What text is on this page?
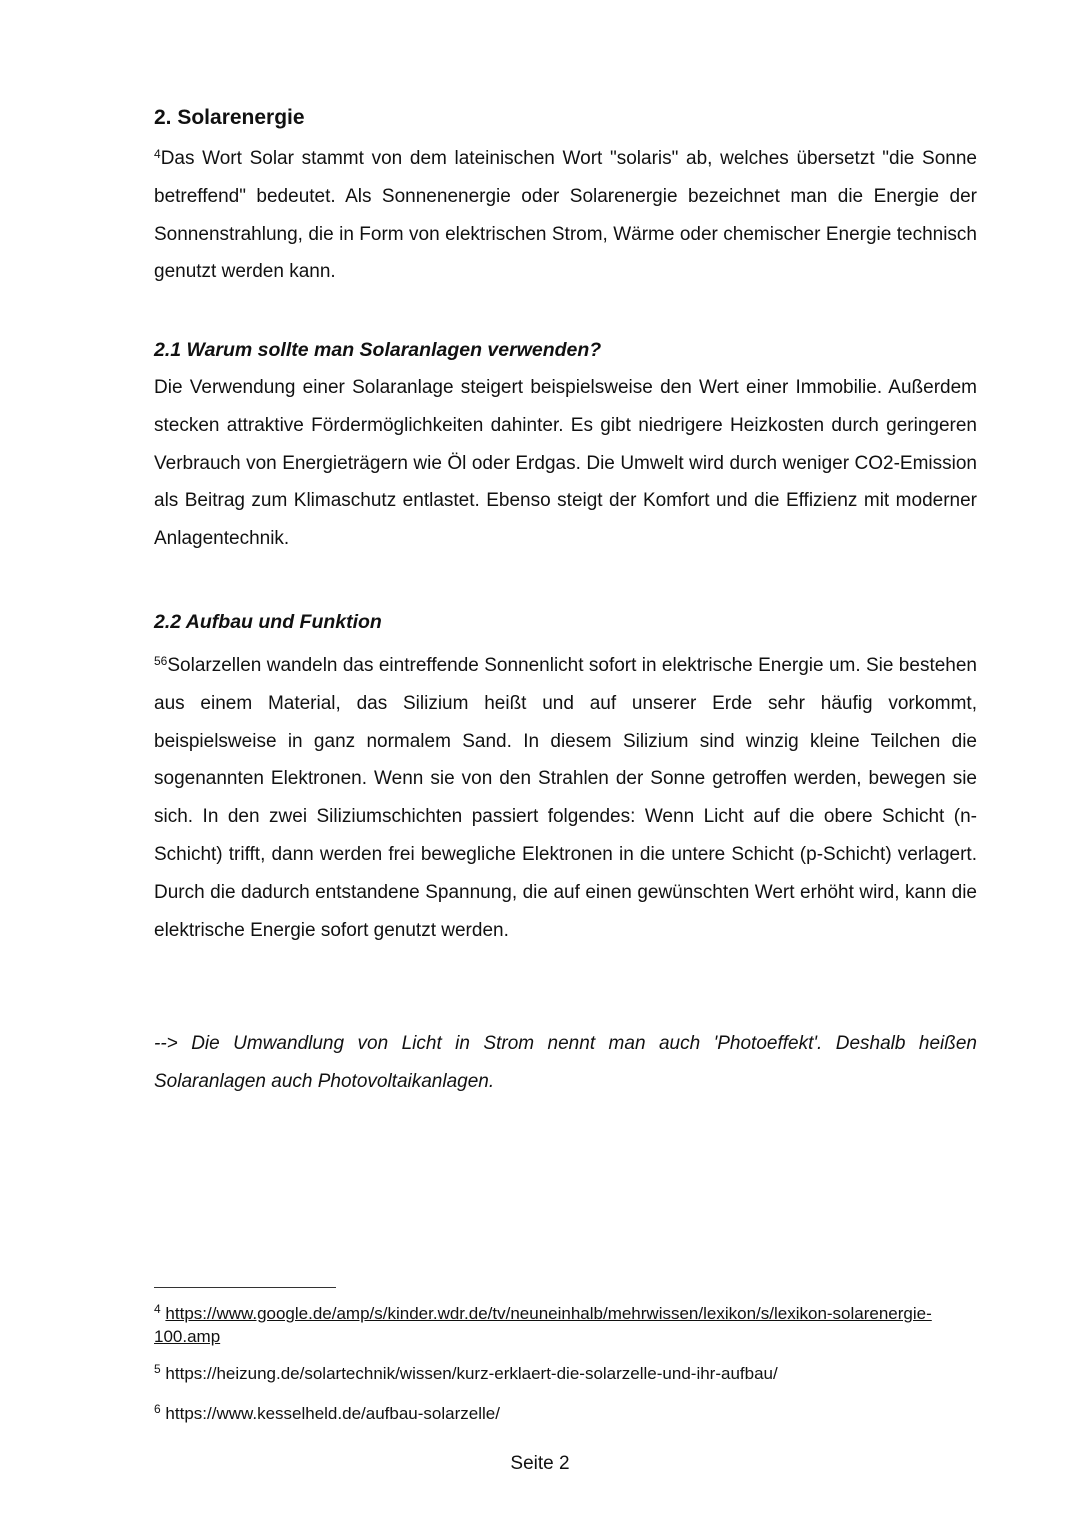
2. Solarenergie

$^4$Das Wort Solar stammt von dem lateinischen Wort "solaris" ab, welches übersetzt "die Sonne betreffend" bedeutet. Als Sonnenenergie oder Solarenergie bezeichnet man die Energie der Sonnenstrahlung, die in Form von elektrischen Strom, Wärme oder chemischer Energie technisch genutzt werden kann.

2.1 Warum sollte man Solaranlagen verwenden?

Die Verwendung einer Solaranlage steigert beispielsweise den Wert einer Immobilie. Außerdem stecken attraktive Fördermöglichkeiten dahinter. Es gibt niedrigere Heizkosten durch geringeren Verbrauch von Energieträgern wie Öl oder Erdgas. Die Umwelt wird durch weniger CO2-Emission als Beitrag zum Klimaschutz entlastet. Ebenso steigt der Komfort und die Effizienz mit moderner Anlagentechnik.

2.2 Aufbau und Funktion

$^{56}$Solarzellen wandeln das eintreffende Sonnenlicht sofort in elektrische Energie um. Sie bestehen aus einem Material, das Silizium heißt und auf unserer Erde sehr häufig vorkommt, beispielsweise in ganz normalem Sand. In diesem Silizium sind winzig kleine Teilchen die sogenannten Elektronen. Wenn sie von den Strahlen der Sonne getroffen werden, bewegen sie sich. In den zwei Siliziumschichten passiert folgendes: Wenn Licht auf die obere Schicht (n-Schicht) trifft, dann werden frei bewegliche Elektronen in die untere Schicht (p-Schicht) verlagert. Durch die dadurch entstandene Spannung, die auf einen gewünschten Wert erhöht wird, kann die elektrische Energie sofort genutzt werden.

--> Die Umwandlung von Licht in Strom nennt man auch 'Photoeffekt'. Deshalb heißen Solaranlagen auch Photovoltaikanlagen.

$^4$ https://www.google.de/amp/s/kinder.wdr.de/tv/neuneinhalb/mehrwissen/lexikon/s/lexikon-solarenergie-100.amp

$^5$ https://heizung.de/solartechnik/wissen/kurz-erklaert-die-solarzelle-und-ihr-aufbau/

$^6$ https://www.kesselheld.de/aufbau-solarzelle/

Seite 2
